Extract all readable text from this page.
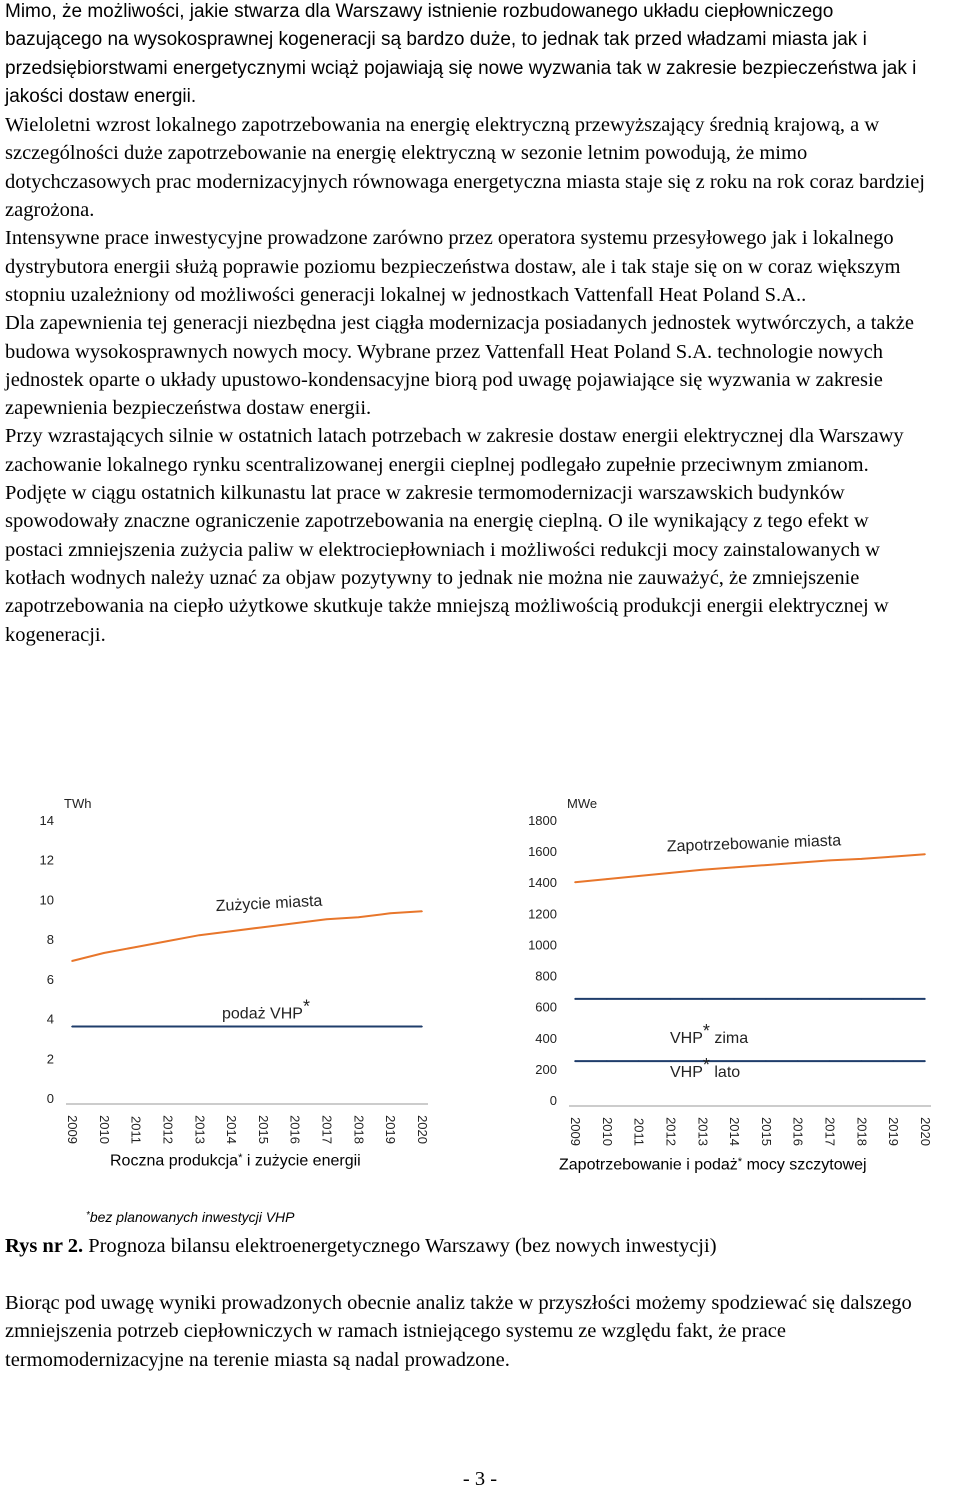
Mimo, że możliwości, jakie stwarza dla Warszawy istnienie rozbudowanego układu ciepłowniczego bazującego na wysokosprawnej kogeneracji są bardzo duże, to jednak tak przed władzami miasta jak i przedsiębiorstwami energetycznymi wciąż pojawiają się nowe wyzwania tak w zakresie bezpieczeństwa jak i jakości dostaw energii.

Wieloletni wzrost lokalnego zapotrzebowania na energię elektryczną przewyższający średnią krajową, a w szczególności duże zapotrzebowanie na energię elektryczną w sezonie letnim powodują, że mimo dotychczasowych prac modernizacyjnych równowaga energetyczna miasta staje się z roku na rok coraz bardziej zagrożona.

Intensywne prace inwestycyjne prowadzone zarówno przez operatora systemu przesyłowego jak i lokalnego dystrybutora energii służą poprawie poziomu bezpieczeństwa dostaw, ale i tak staje się on w coraz większym stopniu uzależniony od możliwości generacji lokalnej w jednostkach Vattenfall Heat Poland S.A..

Dla zapewnienia tej generacji niezbędna jest ciągła modernizacja posiadanych jednostek wytwórczych, a także budowa wysokosprawnych nowych mocy. Wybrane przez Vattenfall Heat Poland S.A. technologie nowych jednostek oparte o układy upustowo-kondensacyjne biorą pod uwagę pojawiające się wyzwania w zakresie zapewnienia bezpieczeństwa dostaw energii.

Przy wzrastających silnie w ostatnich latach potrzebach w zakresie dostaw energii elektrycznej dla Warszawy zachowanie lokalnego rynku scentralizowanej energii cieplnej podlegało zupełnie przeciwnym zmianom.

Podjęte w ciągu ostatnich kilkunastu lat prace w zakresie termomodernizacji warszawskich budynków spowodowały znaczne ograniczenie zapotrzebowania na energię cieplną. O ile wynikający z tego efekt w postaci zmniejszenia zużycia paliw w elektrociepłowniach i możliwości redukcji mocy zainstalowanych w kotłach wodnych należy uznać za objaw pozytywny to jednak nie można nie zauważyć, że zmniejszenie zapotrzebowania na ciepło użytkowe skutkuje także mniejszą możliwością produkcji energii elektrycznej w kogeneracji.

TWh
0
2
4
6
8
10
12
14
2009 2010 2011 2012 2013 2014 2015 2016 2017 2018 2019 2020
Zużycie miasta
podaż VHP*
MWe
0
200
400
600
800
1000
1200
1400
1600
1800
2009 2010 2011 2012 2013 2014 2015 2016 2017 2018 2019 2020
Zapotrzebowanie miasta
VHP* zima
VHP* lato
Roczna produkcja* i zużycie energii	Zapotrzebowanie i podaż* mocy szczytowej
*bez planowanych inwestycji VHP
Rys nr 2. Prognoza bilansu elektroenergetycznego Warszawy (bez nowych inwestycji)

Biorąc pod uwagę wyniki prowadzonych obecnie analiz także w przyszłości możemy spodziewać się dalszego zmniejszenia potrzeb ciepłowniczych w ramach istniejącego systemu ze względu fakt, że prace termomodernizacyjne na terenie miasta są nadal prowadzone.

- 3 -
